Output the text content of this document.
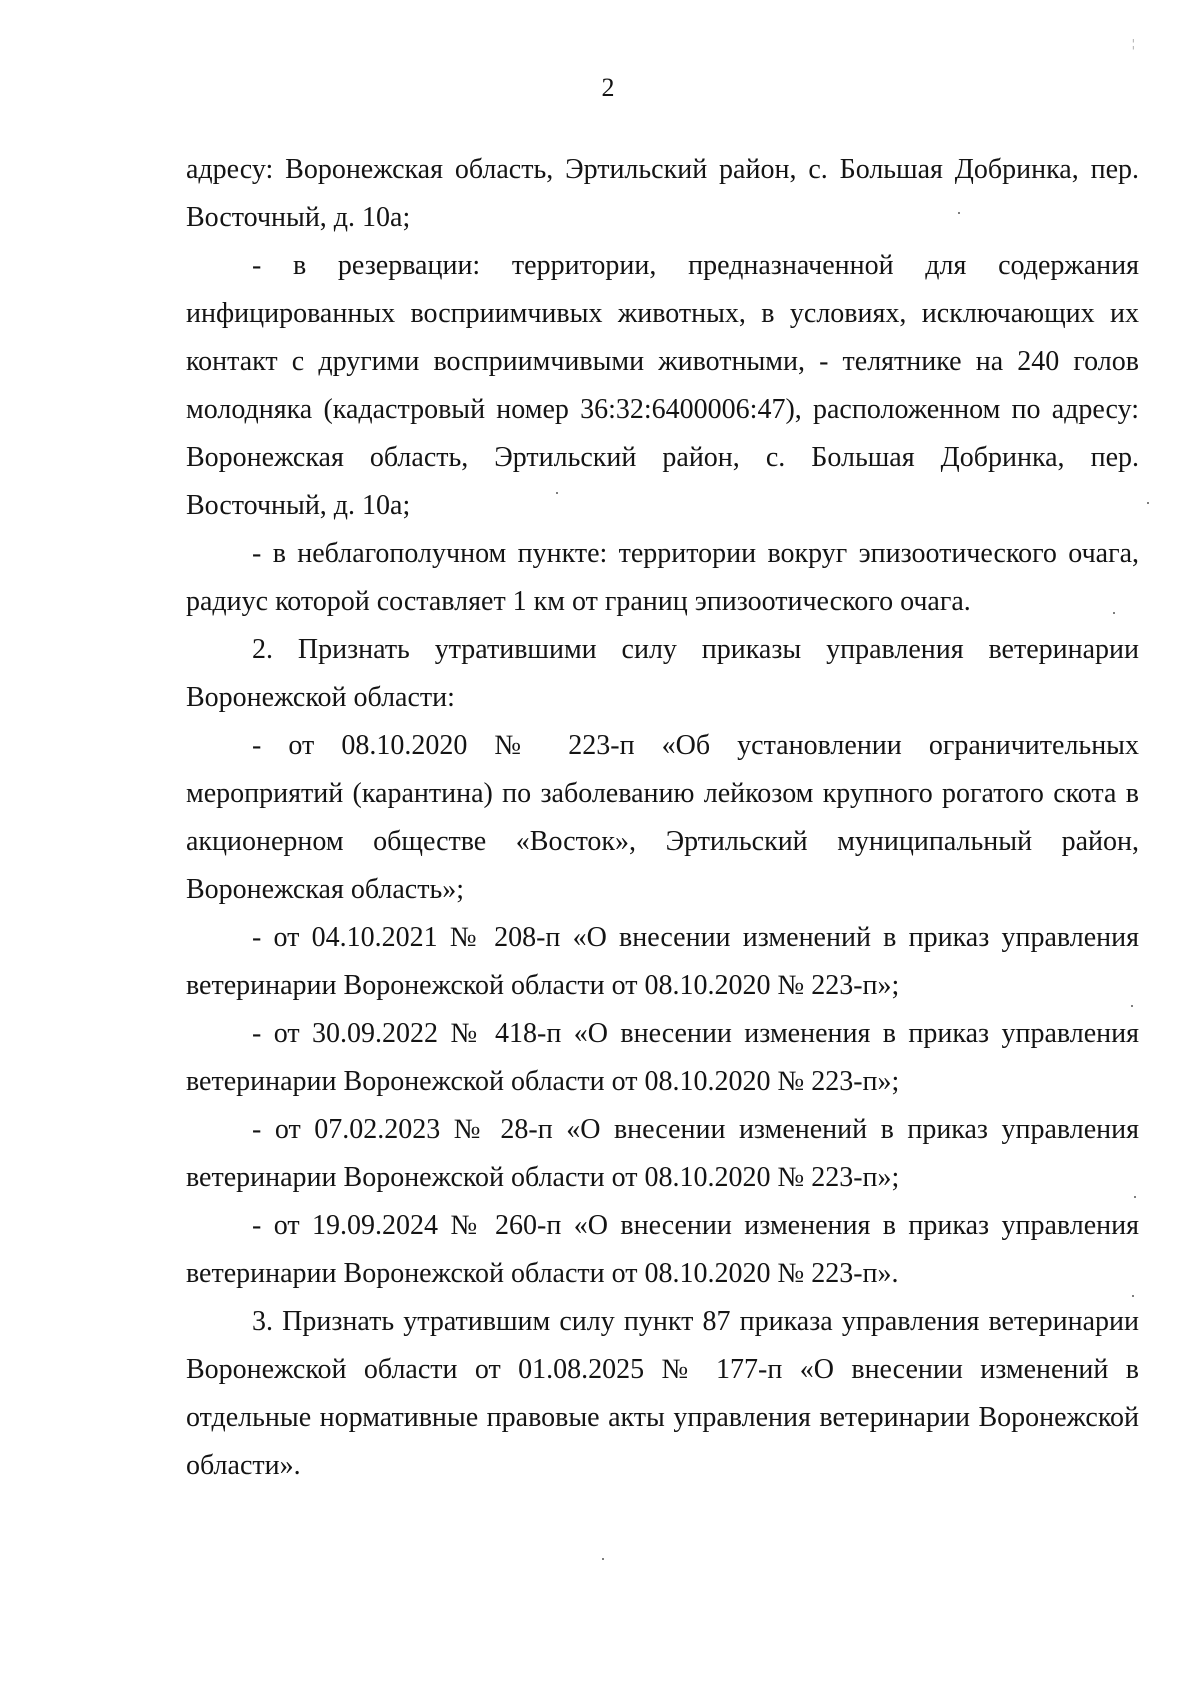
2

адресу: Воронежская область, Эртильский район, с. Большая Добринка, пер. Восточный, д. 10а;

- в резервации: территории, предназначенной для содержания инфицированных восприимчивых животных, в условиях, исключающих их контакт с другими восприимчивыми животными, - телятнике на 240 голов молодняка (кадастровый номер 36:32:6400006:47), расположенном по адресу: Воронежская область, Эртильский район, с. Большая Добринка, пер. Восточный, д. 10а;

- в неблагополучном пункте: территории вокруг эпизоотического очага, радиус которой составляет 1 км от границ эпизоотического очага.

2. Признать утратившими силу приказы управления ветеринарии Воронежской области:

- от 08.10.2020 № 223-п «Об установлении ограничительных мероприятий (карантина) по заболеванию лейкозом крупного рогатого скота в акционерном обществе «Восток», Эртильский муниципальный район, Воронежская область»;

- от 04.10.2021 № 208-п «О внесении изменений в приказ управления ветеринарии Воронежской области от 08.10.2020 № 223-п»;

- от 30.09.2022 № 418-п «О внесении изменения в приказ управления ветеринарии Воронежской области от 08.10.2020 № 223-п»;

- от 07.02.2023 № 28-п «О внесении изменений в приказ управления ветеринарии Воронежской области от 08.10.2020 № 223-п»;

- от 19.09.2024 № 260-п «О внесении изменения в приказ управления ветеринарии Воронежской области от 08.10.2020 № 223-п».

3. Признать утратившим силу пункт 87 приказа управления ветеринарии Воронежской области от 01.08.2025 № 177-п «О внесении изменений в отдельные нормативные правовые акты управления ветеринарии Воронежской области».

¦
